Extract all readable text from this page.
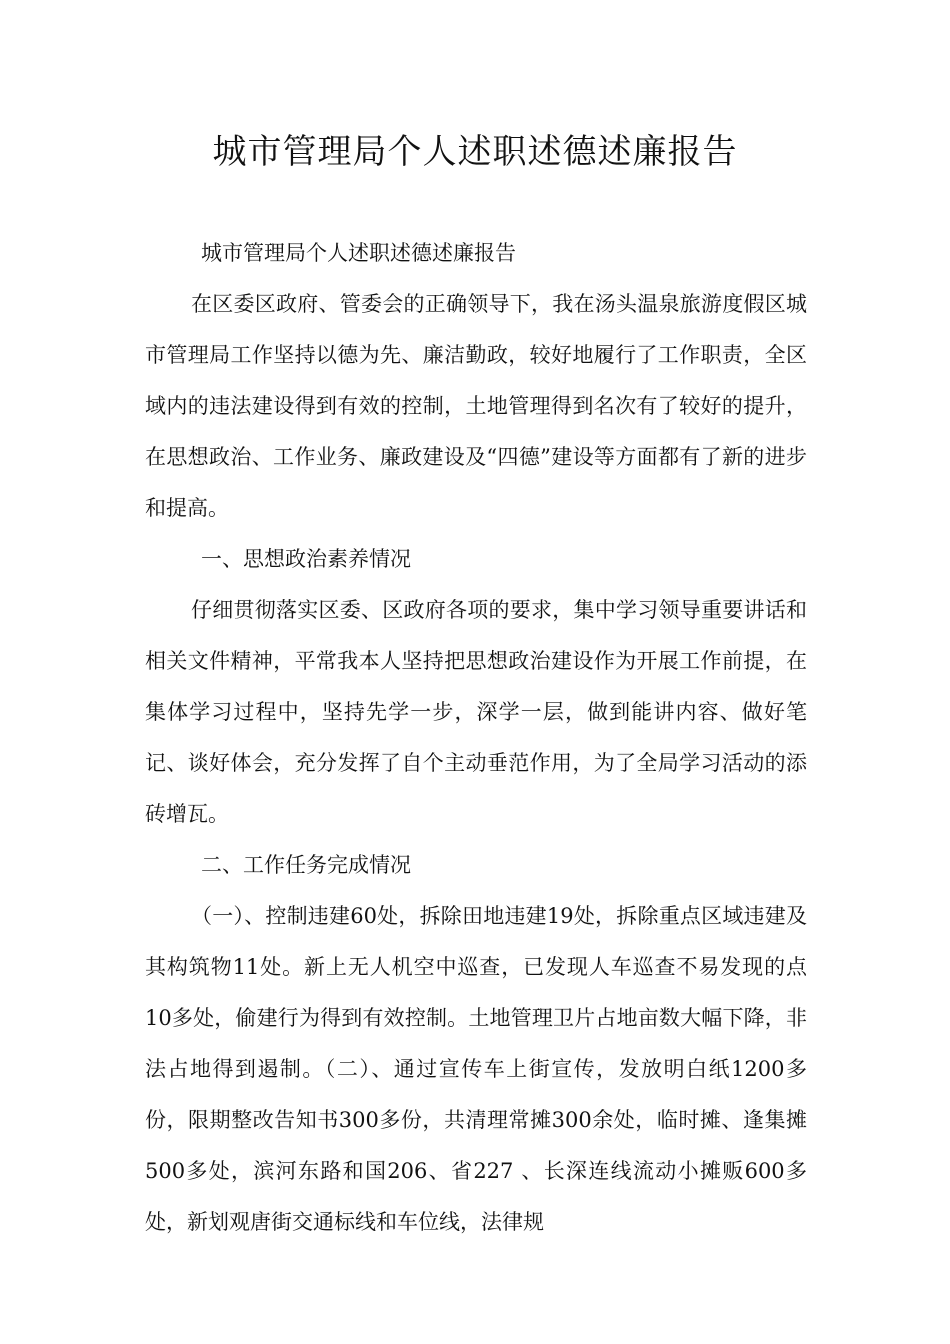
城市管理局个人述职述德述廉报告

城市管理局个人述职述德述廉报告

在区委区政府、管委会的正确领导下，我在汤头温泉旅游度假区城市管理局工作坚持以德为先、廉洁勤政，较好地履行了工作职责，全区域内的违法建设得到有效的控制，土地管理得到名次有了较好的提升，在思想政治、工作业务、廉政建设及“四德”建设等方面都有了新的进步和提高。

一、思想政治素养情况

仔细贯彻落实区委、区政府各项的要求，集中学习领导重要讲话和相关文件精神，平常我本人坚持把思想政治建设作为开展工作前提，在集体学习过程中，坚持先学一步，深学一层，做到能讲内容、做好笔记、谈好体会，充分发挥了自个主动垂范作用，为了全局学习活动的添砖增瓦。

二、工作任务完成情况

（一）、控制违建60处，拆除田地违建19处，拆除重点区域违建及其构筑物11处。新上无人机空中巡查，已发现人车巡查不易发现的点10多处，偷建行为得到有效控制。土地管理卫片占地亩数大幅下降，非法占地得到遏制。（二）、通过宣传车上街宣传，发放明白纸1200多份，限期整改告知书300多份，共清理常摊300余处，临时摊、逢集摊500多处，滨河东路和国206、省227 、长深连线流动小摊贩600多处，新划观唐街交通标线和车位线，法律规
